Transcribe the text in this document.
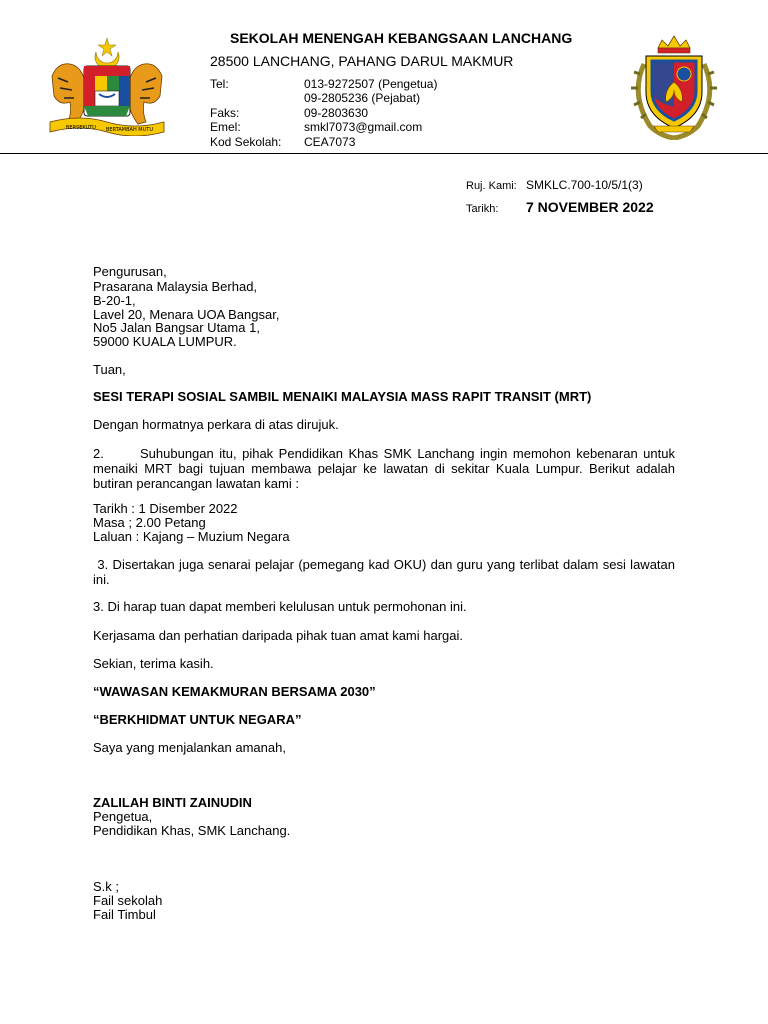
BERSEKUTU BERTAMBAH MUTU
SEKOLAH MENENGAH KEBANGSAAN LANCHANG
28500 LANCHANG, PAHANG DARUL MAKMUR
Tel:	013-9272507 (Pengetua)
09-2805236 (Pejabat)
Faks:	09-2803630
Emel:	smkl7073@gmail.com
Kod Sekolah: CEA7073
Ruj. Kami: SMKLC.700-10/5/1(3)
Tarikh: 7 NOVEMBER 2022
Pengurusan,
Prasarana Malaysia Berhad,
B-20-1,
Lavel 20, Menara UOA Bangsar,
No5 Jalan Bangsar Utama 1,
59000 KUALA LUMPUR.
Tuan,
SESI TERAPI SOSIAL SAMBIL MENAIKI MALAYSIA MASS RAPIT TRANSIT (MRT)
Dengan hormatnya perkara di atas dirujuk.
2.	Suhubungan itu, pihak Pendidikan Khas SMK Lanchang ingin memohon kebenaran untuk menaiki MRT bagi tujuan membawa pelajar ke lawatan di sekitar Kuala Lumpur. Berikut adalah butiran perancangan lawatan kami :
Tarikh : 1 Disember 2022
Masa ; 2.00 Petang
Laluan : Kajang – Muzium Negara
3. Disertakan juga senarai pelajar (pemegang kad OKU) dan guru yang terlibat dalam sesi lawatan ini.
3. Di harap tuan dapat memberi kelulusan untuk permohonan ini.
Kerjasama dan perhatian daripada pihak tuan amat kami hargai.
Sekian, terima kasih.
“WAWASAN KEMAKMURAN BERSAMA 2030”
“BERKHIDMAT UNTUK NEGARA”
Saya yang menjalankan amanah,
ZALILAH BINTI ZAINUDIN
Pengetua,
Pendidikan Khas, SMK Lanchang.
S.k ;
Fail sekolah
Fail Timbul
